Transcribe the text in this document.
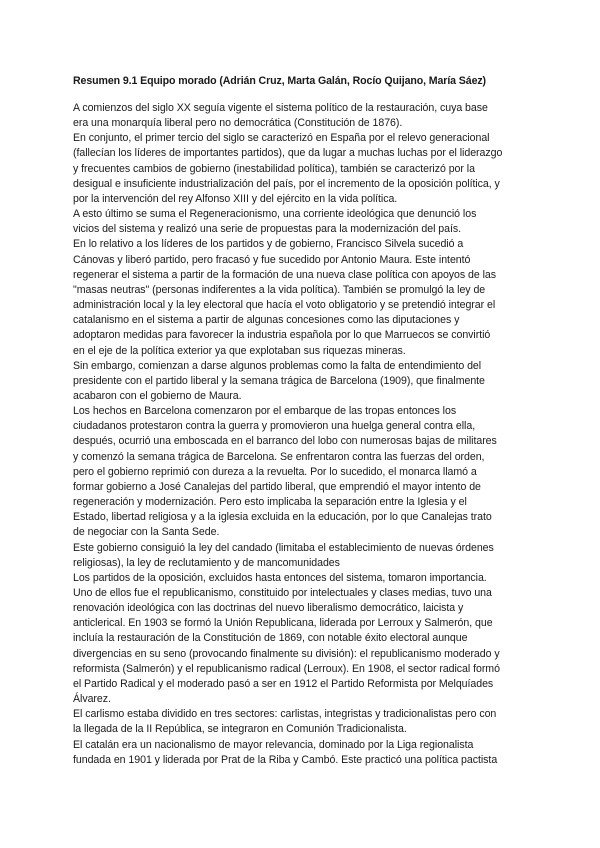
Resumen 9.1 Equipo morado (Adrián Cruz, Marta Galán, Rocío Quijano, María Sáez)

A comienzos del siglo XX seguía vigente el sistema político de la restauración, cuya base
era una monarquía liberal pero no democrática (Constitución de 1876).

En conjunto, el primer tercio del siglo se caracterizó en España por el relevo generacional
(fallecían los líderes de importantes partidos), que da lugar a muchas luchas por el liderazgo
y frecuentes cambios de gobierno (inestabilidad política), también se caracterizó por la
desigual e insuficiente industrialización del país, por el incremento de la oposición política, y
por la intervención del rey Alfonso XIII y del ejército en la vida política.

A esto último se suma el Regeneracionismo, una corriente ideológica que denunció los
vicios del sistema y realizó una serie de propuestas para la modernización del país.

En lo relativo a los líderes de los partidos y de gobierno, Francisco Silvela sucedió a
Cánovas y liberó partido, pero fracasó y fue sucedido por Antonio Maura. Este intentó
regenerar el sistema a partir de la formación de una nueva clase política con apoyos de las
"masas neutras" (personas indiferentes a la vida política). También se promulgó la ley de
administración local y la ley electoral que hacía el voto obligatorio y se pretendió integrar el
catalanismo en el sistema a partir de algunas concesiones como las diputaciones y
adoptaron medidas para favorecer la industria española por lo que Marruecos se convirtió
en el eje de la política exterior ya que explotaban sus riquezas mineras.

Sin embargo, comienzan a darse algunos problemas como la falta de entendimiento del
presidente con el partido liberal y la semana trágica de Barcelona (1909), que finalmente
acabaron con el gobierno de Maura.

Los hechos en Barcelona comenzaron por el embarque de las tropas entonces los
ciudadanos protestaron contra la guerra y promovieron una huelga general contra ella,
después, ocurrió una emboscada en el barranco del lobo con numerosas bajas de militares
y comenzó la semana trágica de Barcelona. Se enfrentaron contra las fuerzas del orden,
pero el gobierno reprimió con dureza a la revuelta. Por lo sucedido, el monarca llamó a
formar gobierno a José Canalejas del partido liberal, que emprendió el mayor intento de
regeneración y modernización. Pero esto implicaba la separación entre la Iglesia y el
Estado, libertad religiosa y a la iglesia excluida en la educación, por lo que Canalejas trato
de negociar con la Santa Sede.

Este gobierno consiguió la ley del candado (limitaba el establecimiento de nuevas órdenes
religiosas), la ley de reclutamiento y de mancomunidades

Los partidos de la oposición, excluidos hasta entonces del sistema, tomaron importancia.
Uno de ellos fue el republicanismo, constituido por intelectuales y clases medias, tuvo una
renovación ideológica con las doctrinas del nuevo liberalismo democrático, laicista y
anticlerical. En 1903 se formó la Unión Republicana, liderada por Lerroux y Salmerón, que
incluía la restauración de la Constitución de 1869, con notable éxito electoral aunque
divergencias en su seno (provocando finalmente su división): el republicanismo moderado y
reformista (Salmerón) y el republicanismo radical (Lerroux). En 1908, el sector radical formó
el Partido Radical y el moderado pasó a ser en 1912 el Partido Reformista por Melquíades
Álvarez.

El carlismo estaba dividido en tres sectores: carlistas, integristas y tradicionalistas pero con
la llegada de la II República, se integraron en Comunión Tradicionalista.

El catalán era un nacionalismo de mayor relevancia, dominado por la Liga regionalista
fundada en 1901 y liderada por Prat de la Riba y Cambó. Este practicó una política pactista
